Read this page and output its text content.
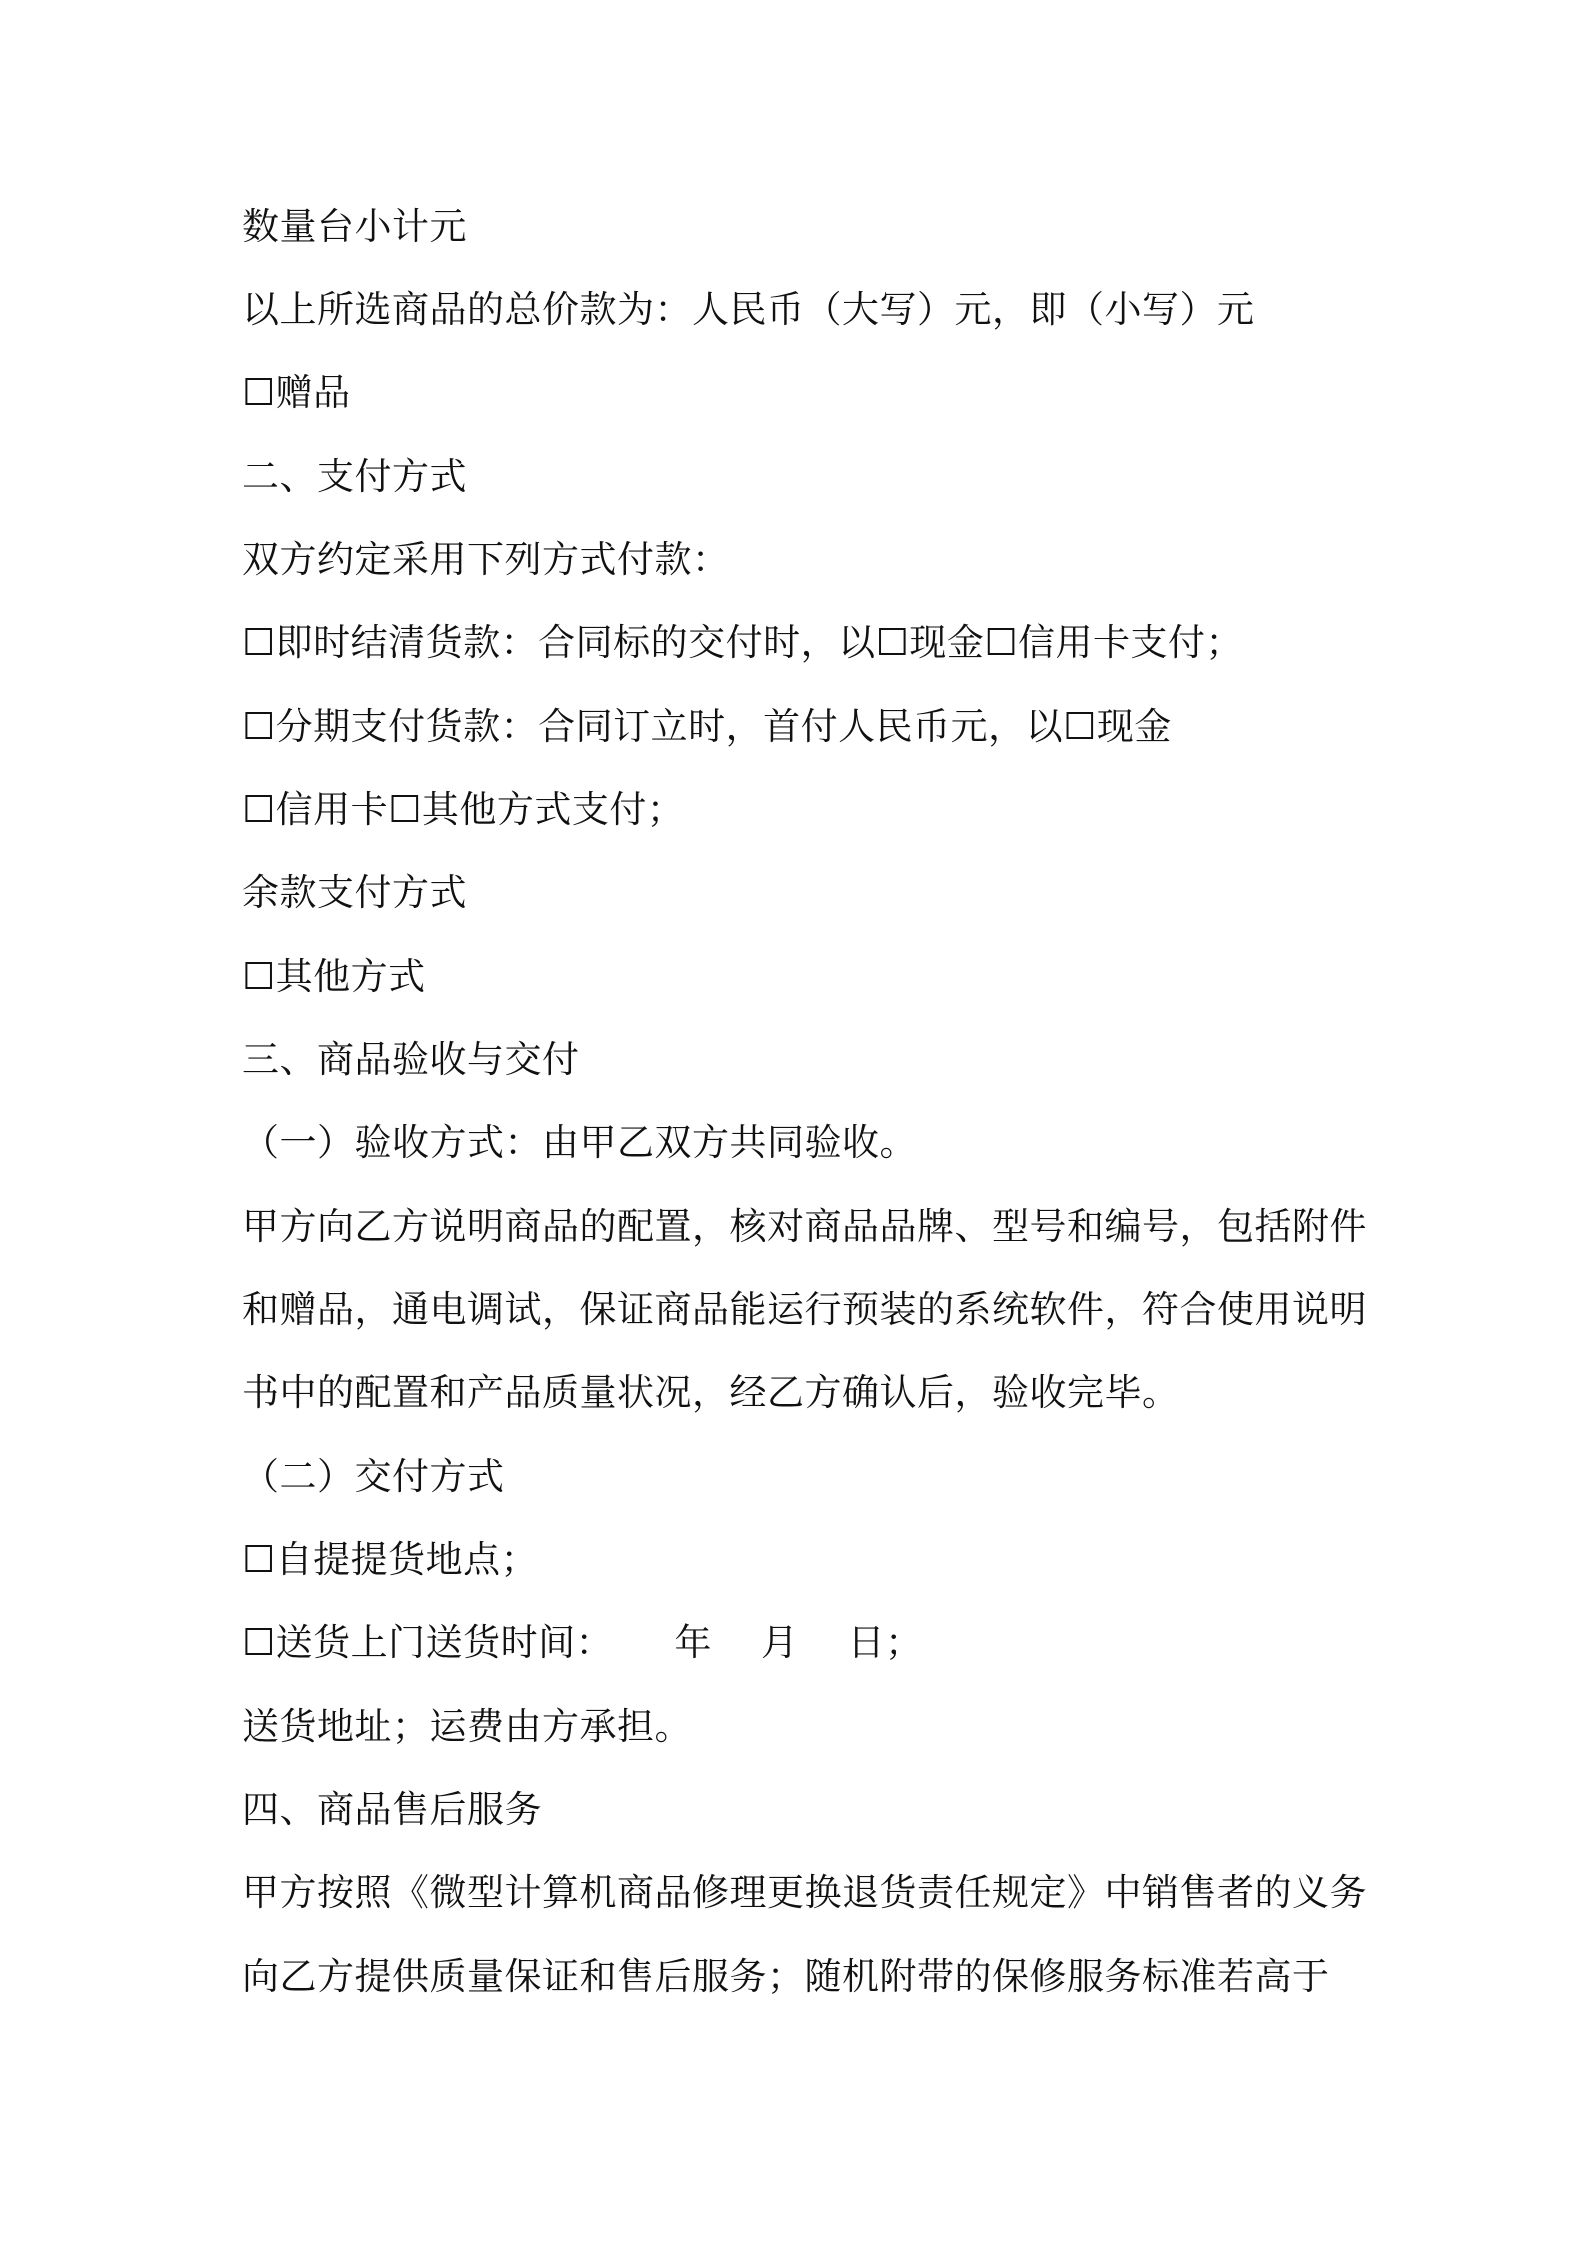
数量台小计元
以上所选商品的总价款为：人民币（大写）元，即（小写）元
☐赠品
二、支付方式
双方约定采用下列方式付款：
☐即时结清货款：合同标的交付时，以☐现金☐信用卡支付；
☐分期支付货款：合同订立时，首付人民币元，以☐现金
☐信用卡☐其他方式支付；
余款支付方式
☐其他方式
三、商品验收与交付
（一）验收方式：由甲乙双方共同验收。
甲方向乙方说明商品的配置，核对商品品牌、型号和编号，包括附件
和赠品，通电调试，保证商品能运行预装的系统软件，符合使用说明
书中的配置和产品质量状况，经乙方确认后，验收完毕。
（二）交付方式
☐自提提货地点；
☐送货上门送货时间：     年    月    日；
送货地址；运费由方承担。
四、商品售后服务
甲方按照《微型计算机商品修理更换退货责任规定》中销售者的义务
向乙方提供质量保证和售后服务；随机附带的保修服务标准若高于
